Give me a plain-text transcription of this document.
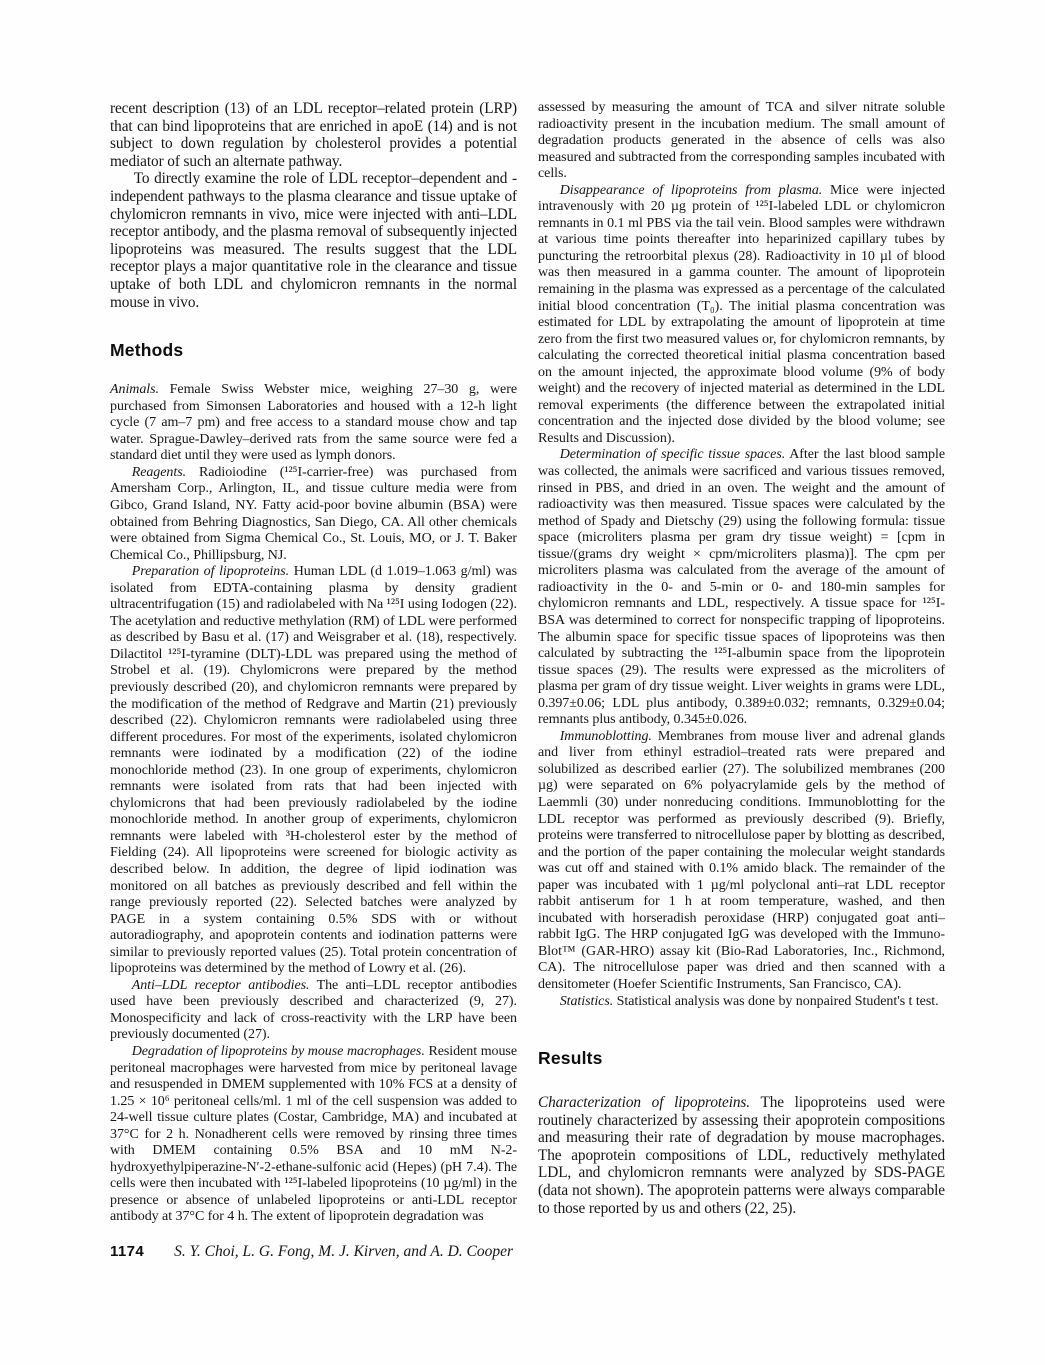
recent description (13) of an LDL receptor–related protein (LRP) that can bind lipoproteins that are enriched in apoE (14) and is not subject to down regulation by cholesterol provides a potential mediator of such an alternate pathway.

To directly examine the role of LDL receptor–dependent and -independent pathways to the plasma clearance and tissue uptake of chylomicron remnants in vivo, mice were injected with anti–LDL receptor antibody, and the plasma removal of subsequently injected lipoproteins was measured. The results suggest that the LDL receptor plays a major quantitative role in the clearance and tissue uptake of both LDL and chylomicron remnants in the normal mouse in vivo.

Methods

Animals. Female Swiss Webster mice, weighing 27–30 g, were purchased from Simonsen Laboratories and housed with a 12-h light cycle (7 am–7 pm) and free access to a standard mouse chow and tap water. Sprague-Dawley–derived rats from the same source were fed a standard diet until they were used as lymph donors.

Reagents. Radioiodine (¹²⁵I-carrier-free) was purchased from Amersham Corp., Arlington, IL, and tissue culture media were from Gibco, Grand Island, NY. Fatty acid-poor bovine albumin (BSA) were obtained from Behring Diagnostics, San Diego, CA. All other chemicals were obtained from Sigma Chemical Co., St. Louis, MO, or J. T. Baker Chemical Co., Phillipsburg, NJ.

Preparation of lipoproteins. Human LDL (d 1.019–1.063 g/ml) was isolated from EDTA-containing plasma by density gradient ultracentrifugation (15) and radiolabeled with Na ¹²⁵I using Iodogen (22). The acetylation and reductive methylation (RM) of LDL were performed as described by Basu et al. (17) and Weisgraber et al. (18), respectively. Dilactitol ¹²⁵I-tyramine (DLT)-LDL was prepared using the method of Strobel et al. (19). Chylomicrons were prepared by the method previously described (20), and chylomicron remnants were prepared by the modification of the method of Redgrave and Martin (21) previously described (22). Chylomicron remnants were radiolabeled using three different procedures. For most of the experiments, isolated chylomicron remnants were iodinated by a modification (22) of the iodine monochloride method (23). In one group of experiments, chylomicron remnants were isolated from rats that had been injected with chylomicrons that had been previously radiolabeled by the iodine monochloride method. In another group of experiments, chylomicron remnants were labeled with ³H-cholesterol ester by the method of Fielding (24). All lipoproteins were screened for biologic activity as described below. In addition, the degree of lipid iodination was monitored on all batches as previously described and fell within the range previously reported (22). Selected batches were analyzed by PAGE in a system containing 0.5% SDS with or without autoradiography, and apoprotein contents and iodination patterns were similar to previously reported values (25). Total protein concentration of lipoproteins was determined by the method of Lowry et al. (26).

Anti–LDL receptor antibodies. The anti–LDL receptor antibodies used have been previously described and characterized (9, 27). Monospecificity and lack of cross-reactivity with the LRP have been previously documented (27).

Degradation of lipoproteins by mouse macrophages. Resident mouse peritoneal macrophages were harvested from mice by peritoneal lavage and resuspended in DMEM supplemented with 10% FCS at a density of 1.25 × 10⁶ peritoneal cells/ml. 1 ml of the cell suspension was added to 24-well tissue culture plates (Costar, Cambridge, MA) and incubated at 37°C for 2 h. Nonadherent cells were removed by rinsing three times with DMEM containing 0.5% BSA and 10 mM N-2-hydroxyethylpiperazine-N′-2-ethane-sulfonic acid (Hepes) (pH 7.4). The cells were then incubated with ¹²⁵I-labeled lipoproteins (10 µg/ml) in the presence or absence of unlabeled lipoproteins or anti-LDL receptor antibody at 37°C for 4 h. The extent of lipoprotein degradation was

assessed by measuring the amount of TCA and silver nitrate soluble radioactivity present in the incubation medium. The small amount of degradation products generated in the absence of cells was also measured and subtracted from the corresponding samples incubated with cells.

Disappearance of lipoproteins from plasma. Mice were injected intravenously with 20 µg protein of ¹²⁵I-labeled LDL or chylomicron remnants in 0.1 ml PBS via the tail vein. Blood samples were withdrawn at various time points thereafter into heparinized capillary tubes by puncturing the retroorbital plexus (28). Radioactivity in 10 µl of blood was then measured in a gamma counter. The amount of lipoprotein remaining in the plasma was expressed as a percentage of the calculated initial blood concentration (T₀). The initial plasma concentration was estimated for LDL by extrapolating the amount of lipoprotein at time zero from the first two measured values or, for chylomicron remnants, by calculating the corrected theoretical initial plasma concentration based on the amount injected, the approximate blood volume (9% of body weight) and the recovery of injected material as determined in the LDL removal experiments (the difference between the extrapolated initial concentration and the injected dose divided by the blood volume; see Results and Discussion).

Determination of specific tissue spaces. After the last blood sample was collected, the animals were sacrificed and various tissues removed, rinsed in PBS, and dried in an oven. The weight and the amount of radioactivity was then measured. Tissue spaces were calculated by the method of Spady and Dietschy (29) using the following formula: tissue space (microliters plasma per gram dry tissue weight) = [cpm in tissue/(grams dry weight × cpm/microliters plasma)]. The cpm per microliters plasma was calculated from the average of the amount of radioactivity in the 0- and 5-min or 0- and 180-min samples for chylomicron remnants and LDL, respectively. A tissue space for ¹²⁵I-BSA was determined to correct for nonspecific trapping of lipoproteins. The albumin space for specific tissue spaces of lipoproteins was then calculated by subtracting the ¹²⁵I-albumin space from the lipoprotein tissue spaces (29). The results were expressed as the microliters of plasma per gram of dry tissue weight. Liver weights in grams were LDL, 0.397±0.06; LDL plus antibody, 0.389±0.032; remnants, 0.329±0.04; remnants plus antibody, 0.345±0.026.

Immunoblotting. Membranes from mouse liver and adrenal glands and liver from ethinyl estradiol–treated rats were prepared and solubilized as described earlier (27). The solubilized membranes (200 µg) were separated on 6% polyacrylamide gels by the method of Laemmli (30) under nonreducing conditions. Immunoblotting for the LDL receptor was performed as previously described (9). Briefly, proteins were transferred to nitrocellulose paper by blotting as described, and the portion of the paper containing the molecular weight standards was cut off and stained with 0.1% amido black. The remainder of the paper was incubated with 1 µg/ml polyclonal anti–rat LDL receptor rabbit antiserum for 1 h at room temperature, washed, and then incubated with horseradish peroxidase (HRP) conjugated goat anti–rabbit IgG. The HRP conjugated IgG was developed with the Immuno-Blot™ (GAR-HRO) assay kit (Bio-Rad Laboratories, Inc., Richmond, CA). The nitrocellulose paper was dried and then scanned with a densitometer (Hoefer Scientific Instruments, San Francisco, CA).

Statistics. Statistical analysis was done by nonpaired Student's t test.

Results

Characterization of lipoproteins. The lipoproteins used were routinely characterized by assessing their apoprotein compositions and measuring their rate of degradation by mouse macrophages. The apoprotein compositions of LDL, reductively methylated LDL, and chylomicron remnants were analyzed by SDS-PAGE (data not shown). The apoprotein patterns were always comparable to those reported by us and others (22, 25).

1174 S. Y. Choi, L. G. Fong, M. J. Kirven, and A. D. Cooper
